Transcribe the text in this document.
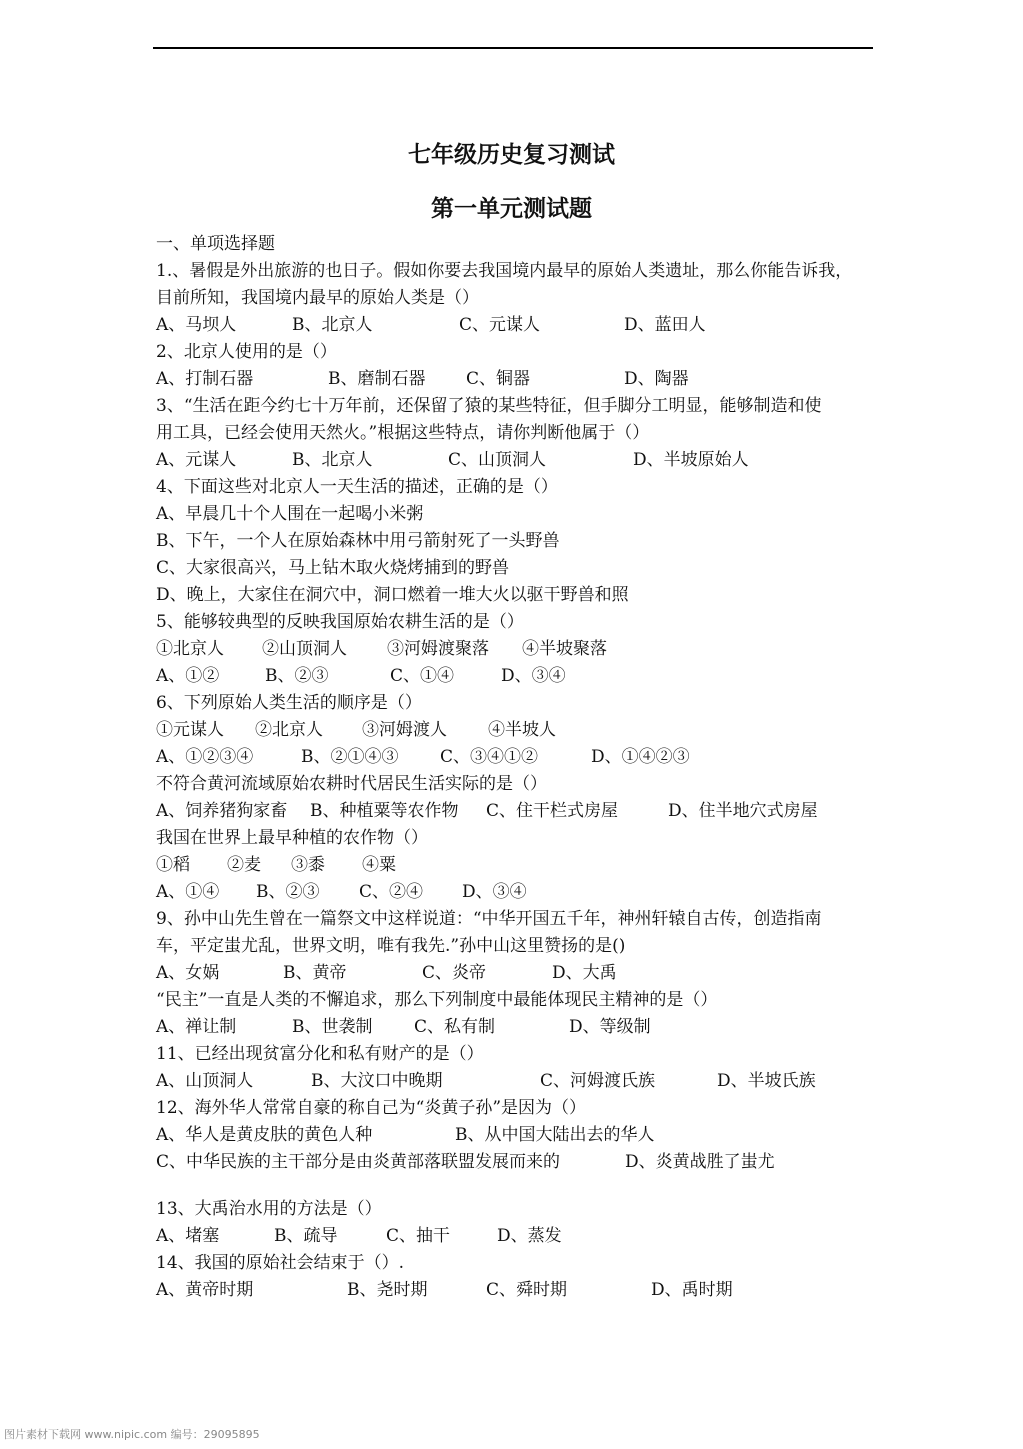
七年级历史复习测试
第一单元测试题
一、单项选择题
1.、暑假是外出旅游的也日子。假如你要去我国境内最早的原始人类遗址，那么你能告诉我，
目前所知，我国境内最早的原始人类是（）
A、马坝人	B、北京人	C、元谋人	D、蓝田人
2、北京人使用的是（）
A、打制石器	B、磨制石器 C、铜器	D、陶器
3、“生活在距今约七十万年前，还保留了猿的某些特征，但手脚分工明显，能够制造和使
用工具，已经会使用天然火。”根据这些特点，请你判断他属于（）
A、元谋人	B、北京人	C、山顶洞人	D、半坡原始人
4、下面这些对北京人一天生活的描述，正确的是（）
A、早晨几十个人围在一起喝小米粥
B、下午，一个人在原始森林中用弓箭射死了一头野兽
C、大家很高兴，马上钻木取火烧烤捕到的野兽
D、晚上，大家住在洞穴中，洞口燃着一堆大火以驱干野兽和照
5、能够较典型的反映我国原始农耕生活的是（）
①北京人 ②山顶洞人 ③河姆渡聚落 ④半坡聚落
A、①②	B、②③	C、①④	D、③④
6、下列原始人类生活的顺序是（）
①元谋人 ②北京人 ③河姆渡人 ④半坡人
A、①②③④	B、②①④③ C、③④①②	D、①④②③
不符合黄河流域原始农耕时代居民生活实际的是（）
A、饲养猪狗家畜 B、种植粟等农作物 C、住干栏式房屋	D、住半地穴式房屋
我国在世界上最早种植的农作物（）
①稻 ②麦 ③黍 ④粟
A、①④ B、②③ C、②④ D、③④
9、孙中山先生曾在一篇祭文中这样说道：“中华开国五千年，神州轩辕自古传，创造指南
车，平定蚩尤乱，世界文明，唯有我先.”孙中山这里赞扬的是()
A、女娲	B、黄帝	C、炎帝	D、大禹
“民主”一直是人类的不懈追求，那么下列制度中最能体现民主精神的是（）
A、禅让制	B、世袭制 C、私有制	D、等级制
11、已经出现贫富分化和私有财产的是（）
A、山顶洞人	B、大汶口中晚期	C、河姆渡氏族	D、半坡氏族
12、海外华人常常自豪的称自己为“炎黄子孙”是因为（）
A、华人是黄皮肤的黄色人种	B、从中国大陆出去的华人
C、中华民族的主干部分是由炎黄部落联盟发展而来的	D、炎黄战胜了蚩尤
13、大禹治水用的方法是（）
A、堵塞	B、疏导	C、抽干	D、蒸发
14、我国的原始社会结束于（）.
A、黄帝时期	B、尧时期	C、舜时期	D、禹时期
图片素材下载网 www.nipic.com 编号：29095895
